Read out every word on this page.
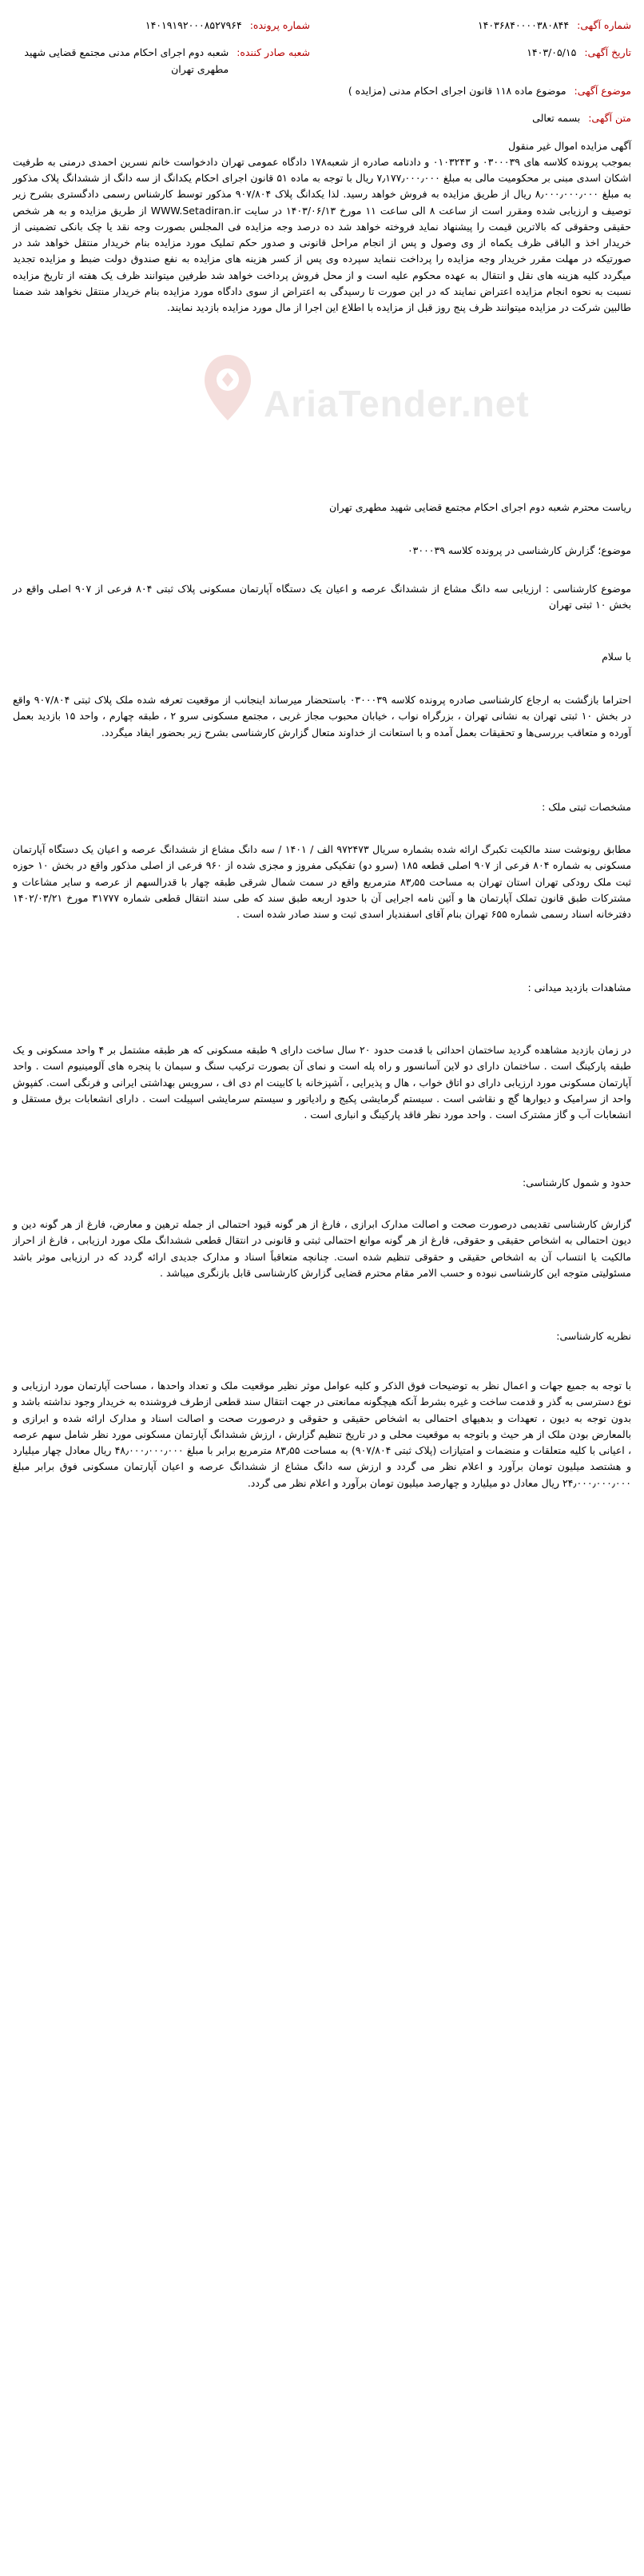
شماره آگهی:
۱۴۰۳۶۸۴۰۰۰۰۳۸۰۸۴۴
شماره پرونده:
۱۴۰۱۹۱۹۲۰۰۰۸۵۲۷۹۶۴
تاریخ آگهی:
۱۴۰۳/۰۵/۱۵
شعبه صادر کننده:
شعبه دوم اجرای احکام مدنی مجتمع قضایی شهید مطهری تهران
AriaTender.net
موضوع آگهی: موضوع ماده ۱۱۸ قانون اجرای احکام مدنی (مزایده )
متن آگهی: بسمه تعالی

آگهی مزایده اموال غیر منقول

بموجب پرونده کلاسه های ۰۳۰۰۰۳۹ و ۰۱۰۳۲۴۳ و دادنامه صادره از شعبه۱۷۸ دادگاه عمومی تهران دادخواست خانم نسرین احمدی درمنی به طرفیت اشکان اسدی مبنی بر محکومیت مالی به مبلغ ۷٫۱۷۷٫۰۰۰٫۰۰۰ ریال با توجه به ماده ۵۱ قانون اجرای احکام یکدانگ از سه دانگ از ششدانگ پلاک مذکور به مبلغ ۸٫۰۰۰٫۰۰۰٫۰۰۰ ریال از طریق مزایده به فروش خواهد رسید. لذا یکدانگ پلاک ۹۰۷/۸۰۴ مذکور توسط کارشناس رسمی دادگستری بشرح زیر توصیف و ارزیابی شده ومقرر است از ساعت ۸ الی ساعت ۱۱ مورخ ۱۴۰۳/۰۶/۱۳ در سایت WWW.Setadiran.ir از طریق مزایده و به هر شخص حقیقی وحقوقی که بالاترین قیمت را پیشنهاد نماید فروخته خواهد شد ده درصد وجه مزایده فی المجلس بصورت وجه نقد یا چک بانکی تضمینی از خریدار اخذ و الباقی ظرف یکماه از وی وصول و پس از انجام مراحل قانونی و صدور حکم تملیک مورد مزایده بنام خریدار منتقل خواهد شد در صورتیکه در مهلت مقرر خریدار وجه مزایده را پرداخت ننماید سپرده وی پس از کسر هزینه های مزایده به نفع صندوق دولت ضبط و مزایده تجدید میگردد کلیه هزینه های نقل و انتقال به عهده محکوم علیه است و از محل فروش پرداخت خواهد شد طرفین میتوانند ظرف یک هفته از تاریخ مزایده نسبت به نحوه انجام مزایده اعتراض نمایند که در این صورت تا رسیدگی به اعتراض از سوی دادگاه مورد مزایده بنام خریدار منتقل نخواهد شد ضمنا طالبین شرکت در مزایده میتوانند ظرف پنج روز قبل از مزایده با اطلاع این اجرا از مال مورد مزایده بازدید نمایند.

ریاست محترم شعبه دوم اجرای احکام مجتمع قضایی شهید مطهری تهران
موضوع؛ گزارش کارشناسی در پرونده کلاسه ۰۳۰۰۰۳۹
موضوع کارشناسی : ارزیابی سه دانگ مشاع از ششدانگ عرصه و اعیان یک دستگاه آپارتمان مسکونی پلاک ثبتی ۸۰۴ فرعی از ۹۰۷ اصلی واقع در بخش ۱۰ ثبتی تهران
با سلام
احتراما بازگشت به ارجاع کارشناسی صادره پرونده کلاسه ۰۳۰۰۰۳۹ باستحضار میرساند اینجانب از موقعیت تعرفه شده ملک پلاک ثبتی ۹۰۷/۸۰۴ واقع در بخش ۱۰ ثبتی تهران به نشانی تهران ، بزرگراه نواب ، خیابان محبوب مجاز غربی ، مجتمع مسکونی سرو ۲ ، طبقه چهارم ، واحد ۱۵ بازدید بعمل آورده و متعاقب بررسی‌ها و تحقیقات بعمل آمده و با استعانت از خداوند متعال گزارش کارشناسی بشرح زیر بحضور ایفاد میگردد.
مشخصات ثبتی ملک :
مطابق رونوشت سند مالکیت تکبرگ ارائه شده بشماره سریال ۹۷۲۴۷۳ الف / ۱۴۰۱ / سه دانگ مشاع از ششدانگ عرصه و اعیان یک دستگاه آپارتمان مسکونی به شماره ۸۰۴ فرعی از ۹۰۷ اصلی قطعه ۱۸۵ (سرو دو) تفکیکی مفروز و مجزی شده از ۹۶۰ فرعی از اصلی مذکور واقع در بخش ۱۰ حوزه ثبت ملک رودکی تهران استان تهران به مساحت ۸۳٫۵۵ مترمربع واقع در سمت شمال شرقی طبقه چهار با قدرالسهم از عرصه و سایر مشاعات و مشترکات طبق قانون تملک آپارتمان ها و آئین نامه اجرایی آن با حدود اربعه طبق سند که طی سند انتقال قطعی شماره ۳۱۷۷۷ مورخ ۱۴۰۲/۰۳/۲۱ دفترخانه اسناد رسمی شماره ۶۵۵ تهران بنام آقای اسفندیار اسدی ثبت و سند صادر شده است .
مشاهدات بازدید میدانی :
در زمان بازدید مشاهده گردید ساختمان احداثی با قدمت حدود ۲۰ سال ساخت دارای ۹ طبقه مسکونی که هر طبقه مشتمل بر ۴ واحد مسکونی و یک طبقه پارکینگ است . ساختمان دارای دو لاین آسانسور و راه پله است و نمای آن بصورت ترکیب سنگ و سیمان با پنجره های آلومینیوم است . واحد آپارتمان مسکونی مورد ارزیابی دارای دو اتاق خواب ، هال و پذیرایی ، آشپزخانه با کابینت ام دی اف ، سرویس بهداشتی ایرانی و فرنگی است. کفپوش واحد از سرامیک و دیوارها گچ و نقاشی است . سیستم گرمایشی پکیج و رادیاتور و سیستم سرمایشی اسپیلت است . دارای انشعابات برق مستقل و انشعابات آب و گاز مشترک است . واحد مورد نظر فاقد پارکینگ و انباری است .
حدود و شمول کارشناسی:
گزارش کارشناسی تقدیمی درصورت صحت و اصالت مدارک ابرازی ، فارغ از هر گونه قیود احتمالی از جمله ترهین و معارض، فارغ از هر گونه دین و دیون احتمالی به اشخاص حقیقی و حقوقی، فارغ از هر گونه موانع احتمالی ثبتی و قانونی در انتقال قطعی ششدانگ ملک مورد ارزیابی ، فارغ از احراز مالکیت یا انتساب آن به اشخاص حقیقی و حقوقی تنظیم شده است. چنانچه متعاقباً اسناد و مدارک جدیدی ارائه گردد که در ارزیابی موثر باشد مسئولیتی متوجه این کارشناسی نبوده و حسب الامر مقام محترم قضایی گزارش کارشناسی قابل بازنگری میباشد .
نظریه کارشناسی:
با توجه به جمیع جهات و اعمال نظر به توضیحات فوق الذکر و کلیه عوامل موثر نظیر موقعیت ملک و تعداد واحدها ، مساحت آپارتمان مورد ارزیابی و نوع دسترسی به گذر و قدمت ساخت و غیره بشرط آنکه هیچگونه ممانعتی در جهت انتقال سند قطعی ازطرف فروشنده به خریدار وجود نداشته باشد و بدون توجه به دیون ، تعهدات و بدهیهای احتمالی به اشخاص حقیقی و حقوقی و درصورت صحت و اصالت اسناد و مدارک ارائه شده و ابرازی و بالمعارض بودن ملک از هر حیث و باتوجه به موقعیت محلی و در تاریخ تنظیم گزارش ، ارزش ششدانگ آپارتمان مسکونی مورد نظر شامل سهم عرصه ، اعیانی با کلیه متعلقات و منضمات و امتیازات (پلاک ثبتی ۹۰۷/۸۰۴) به مساحت ۸۳٫۵۵ مترمربع برابر با مبلغ ۴۸٫۰۰۰٫۰۰۰٫۰۰۰ ریال معادل چهار میلیارد و هشتصد میلیون تومان برآورد و اعلام نظر می گردد و ارزش سه دانگ مشاع از ششدانگ عرصه و اعیان آپارتمان مسکونی فوق برابر مبلغ ۲۴٫۰۰۰٫۰۰۰٫۰۰۰ ریال معادل دو میلیارد و چهارصد میلیون تومان برآورد و اعلام نظر می گردد.
